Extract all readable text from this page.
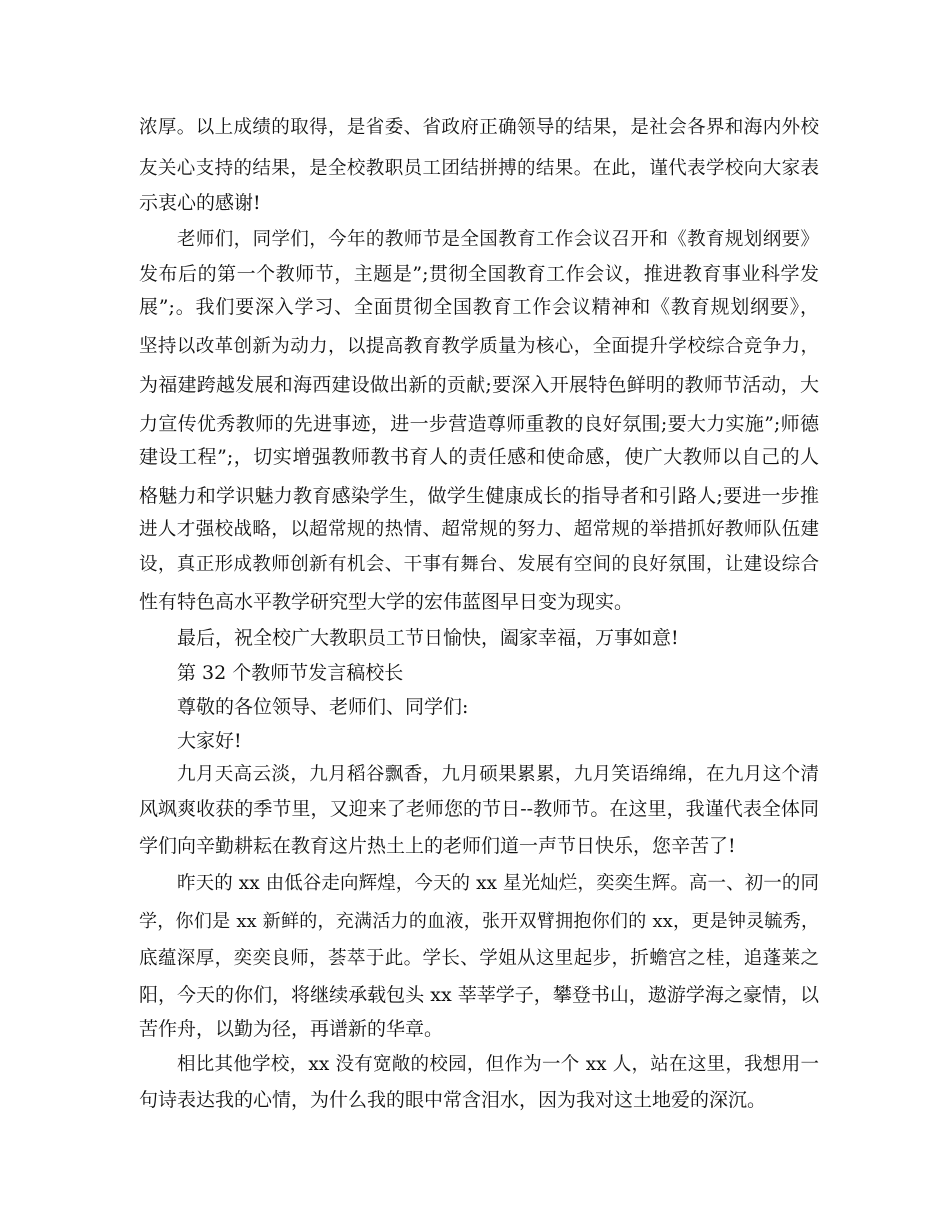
浓厚。以上成绩的取得，是省委、省政府正确领导的结果，是社会各界和海内外校
友关心支持的结果，是全校教职员工团结拼搏的结果。在此，谨代表学校向大家表
示衷心的感谢!
老师们，同学们，今年的教师节是全国教育工作会议召开和《教育规划纲要》
发布后的第一个教师节，主题是”;贯彻全国教育工作会议，推进教育事业科学发
展”;。我们要深入学习、全面贯彻全国教育工作会议精神和《教育规划纲要》，
坚持以改革创新为动力，以提高教育教学质量为核心，全面提升学校综合竞争力，
为福建跨越发展和海西建设做出新的贡献;要深入开展特色鲜明的教师节活动，大
力宣传优秀教师的先进事迹，进一步营造尊师重教的良好氛围;要大力实施”;师德
建设工程”;，切实增强教师教书育人的责任感和使命感，使广大教师以自己的人
格魅力和学识魅力教育感染学生，做学生健康成长的指导者和引路人;要进一步推
进人才强校战略，以超常规的热情、超常规的努力、超常规的举措抓好教师队伍建
设，真正形成教师创新有机会、干事有舞台、发展有空间的良好氛围，让建设综合
性有特色高水平教学研究型大学的宏伟蓝图早日变为现实。
最后，祝全校广大教职员工节日愉快，阖家幸福，万事如意!
第 32 个教师节发言稿校长
尊敬的各位领导、老师们、同学们:
大家好!
九月天高云淡，九月稻谷飘香，九月硕果累累，九月笑语绵绵，在九月这个清
风飒爽收获的季节里，又迎来了老师您的节日--教师节。在这里，我谨代表全体同
学们向辛勤耕耘在教育这片热土上的老师们道一声节日快乐，您辛苦了!
昨天的 xx 由低谷走向辉煌，今天的 xx 星光灿烂，奕奕生辉。高一、初一的同
学，你们是 xx 新鲜的，充满活力的血液，张开双臂拥抱你们的 xx，更是钟灵毓秀，
底蕴深厚，奕奕良师，荟萃于此。学长、学姐从这里起步，折蟾宫之桂，追蓬莱之
阳，今天的你们，将继续承载包头 xx 莘莘学子，攀登书山，遨游学海之豪情，以
苦作舟，以勤为径，再谱新的华章。
相比其他学校，xx 没有宽敞的校园，但作为一个 xx 人，站在这里，我想用一
句诗表达我的心情，为什么我的眼中常含泪水，因为我对这土地爱的深沉。
